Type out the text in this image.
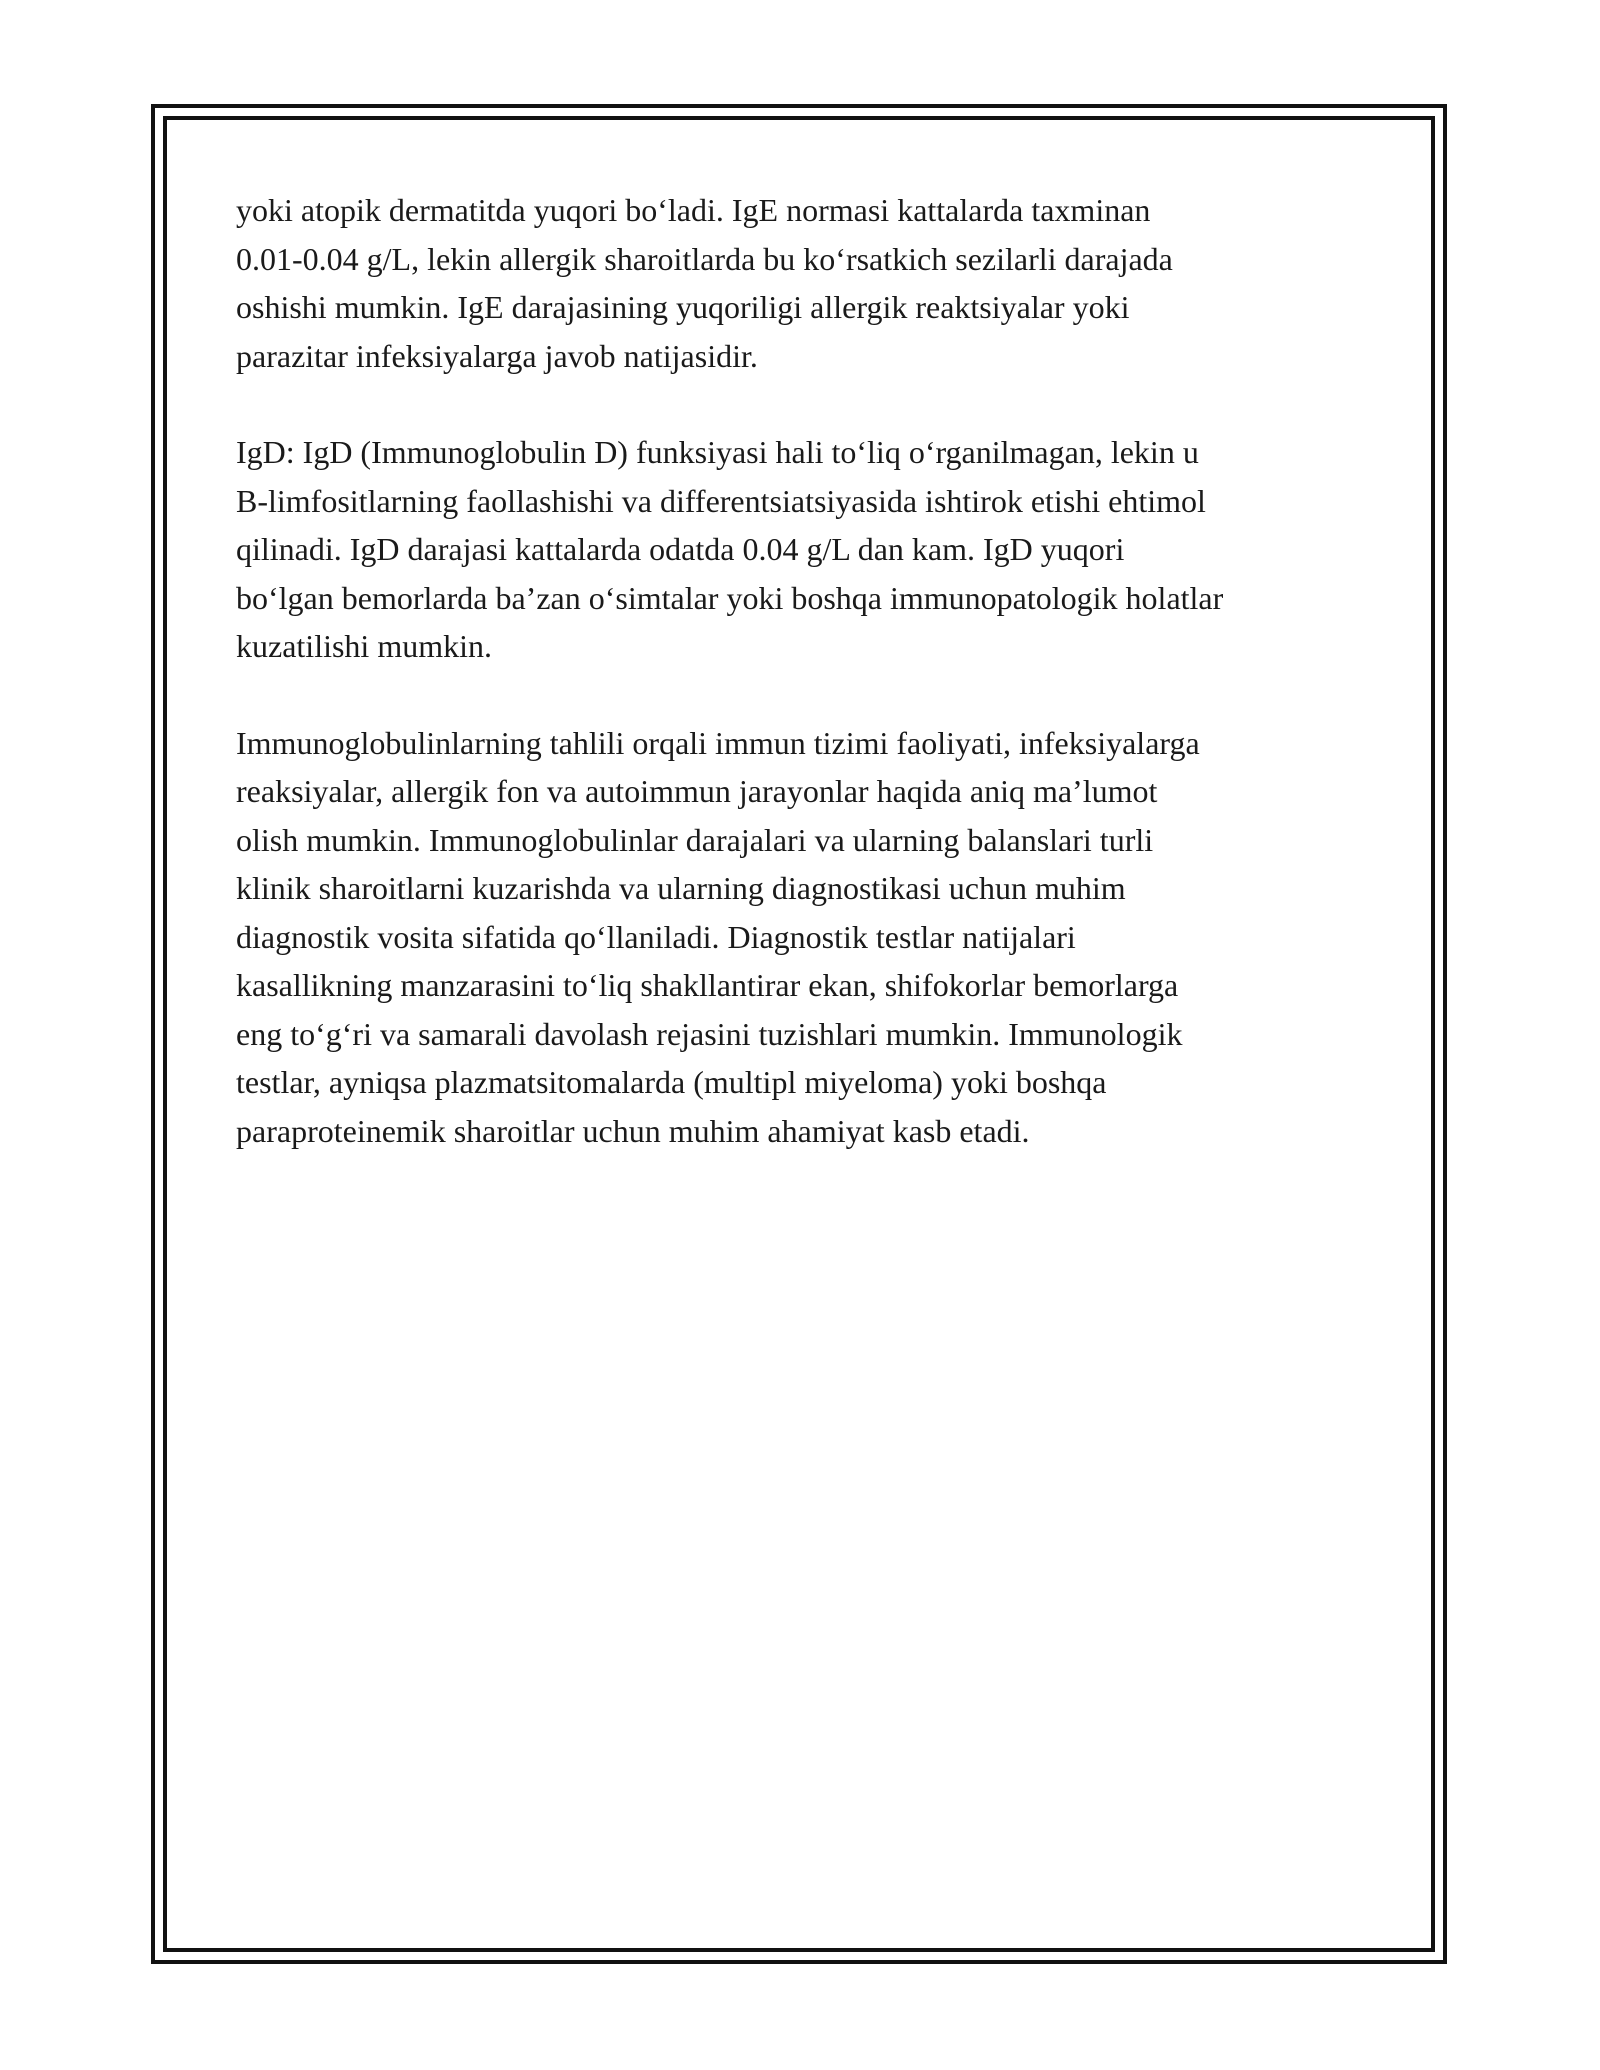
yoki atopik dermatitda yuqori bo‘ladi. IgE normasi kattalarda taxminan
0.01-0.04 g/L, lekin allergik sharoitlarda bu ko‘rsatkich sezilarli darajada
oshishi mumkin. IgE darajasining yuqoriligi allergik reaktsiyalar yoki
parazitar infeksiyalarga javob natijasidir.

IgD: IgD (Immunoglobulin D) funksiyasi hali to‘liq o‘rganilmagan, lekin u
B-limfositlarning faollashishi va differentsiatsiyasida ishtirok etishi ehtimol
qilinadi. IgD darajasi kattalarda odatda 0.04 g/L dan kam. IgD yuqori
bo‘lgan bemorlarda ba’zan o‘simtalar yoki boshqa immunopatologik holatlar
kuzatilishi mumkin.

Immunoglobulinlarning tahlili orqali immun tizimi faoliyati, infeksiyalarga
reaksiyalar, allergik fon va autoimmun jarayonlar haqida aniq ma’lumot
olish mumkin. Immunoglobulinlar darajalari va ularning balanslari turli
klinik sharoitlarni kuzarishda va ularning diagnostikasi uchun muhim
diagnostik vosita sifatida qo‘llaniladi. Diagnostik testlar natijalari
kasallikning manzarasini to‘liq shakllantirar ekan, shifokorlar bemorlarga
eng to‘g‘ri va samarali davolash rejasini tuzishlari mumkin. Immunologik
testlar, ayniqsa plazmatsitomalarda (multipl miyeloma) yoki boshqa
paraproteinemik sharoitlar uchun muhim ahamiyat kasb etadi.
